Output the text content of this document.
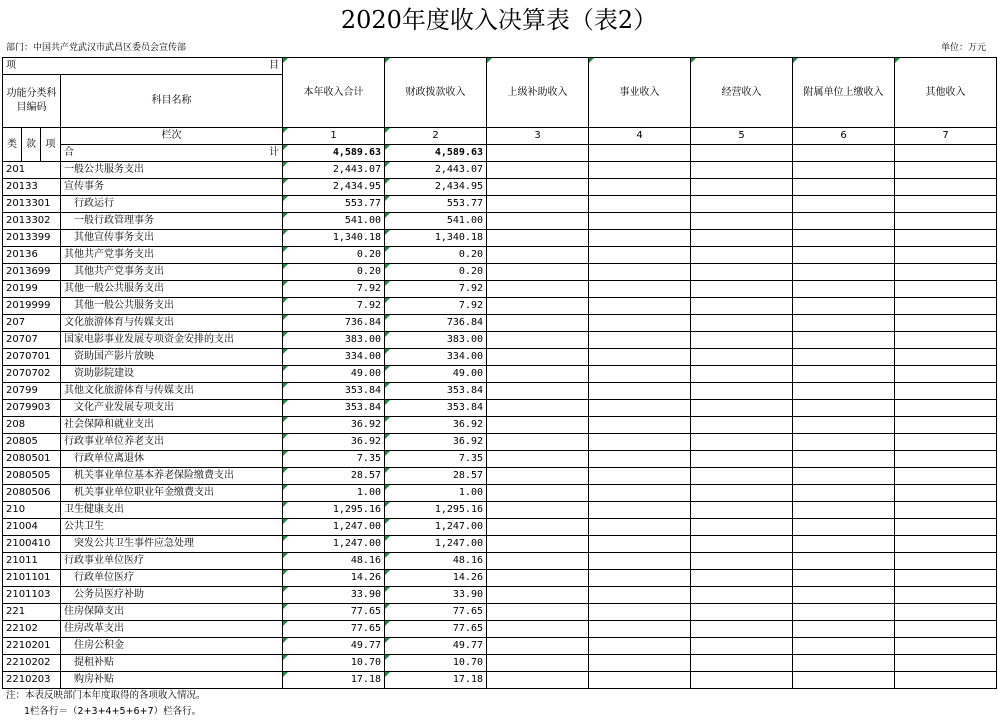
2020年度收入决算表（表2）
部门：中国共产党武汉市武昌区委员会宣传部	单位：万元
项 目				本年收入合计	财政拨款收入	上级补助收入	事业收入	经营收入	附属单位上缴收入	其他收入
功能分类科目编码			科目名称							

类	款	项	栏次	1	2	3	4	5	6	7
			合 计	4,589.63	4,589.63					
201			一般公共服务支出	2,443.07	2,443.07					
20133			宣传事务	2,434.95	2,434.95					
2013301			行政运行	553.77	553.77					
2013302			一般行政管理事务	541.00	541.00					
2013399			其他宣传事务支出	1,340.18	1,340.18					
20136			其他共产党事务支出	0.20	0.20					
2013699			其他共产党事务支出	0.20	0.20					
20199			其他一般公共服务支出	7.92	7.92					
2019999			其他一般公共服务支出	7.92	7.92					
207			文化旅游体育与传媒支出	736.84	736.84					
20707			国家电影事业发展专项资金安排的支出	383.00	383.00					
2070701			资助国产影片放映	334.00	334.00					
2070702			资助影院建设	49.00	49.00					
20799			其他文化旅游体育与传媒支出	353.84	353.84					
2079903			文化产业发展专项支出	353.84	353.84					
208			社会保障和就业支出	36.92	36.92					
20805			行政事业单位养老支出	36.92	36.92					
2080501			行政单位离退休	7.35	7.35					
2080505			机关事业单位基本养老保险缴费支出	28.57	28.57					
2080506			机关事业单位职业年金缴费支出	1.00	1.00					
210			卫生健康支出	1,295.16	1,295.16					
21004			公共卫生	1,247.00	1,247.00					
2100410			突发公共卫生事件应急处理	1,247.00	1,247.00					
21011			行政事业单位医疗	48.16	48.16					
2101101			行政单位医疗	14.26	14.26					
2101103			公务员医疗补助	33.90	33.90					
221			住房保障支出	77.65	77.65					
22102			住房改革支出	77.65	77.65					
2210201			住房公积金	49.77	49.77					
2210202			提租补贴	10.70	10.70					
2210203			购房补贴	17.18	17.18					
注：本表反映部门本年度取得的各项收入情况。
1栏各行＝（2+3+4+5+6+7）栏各行。
